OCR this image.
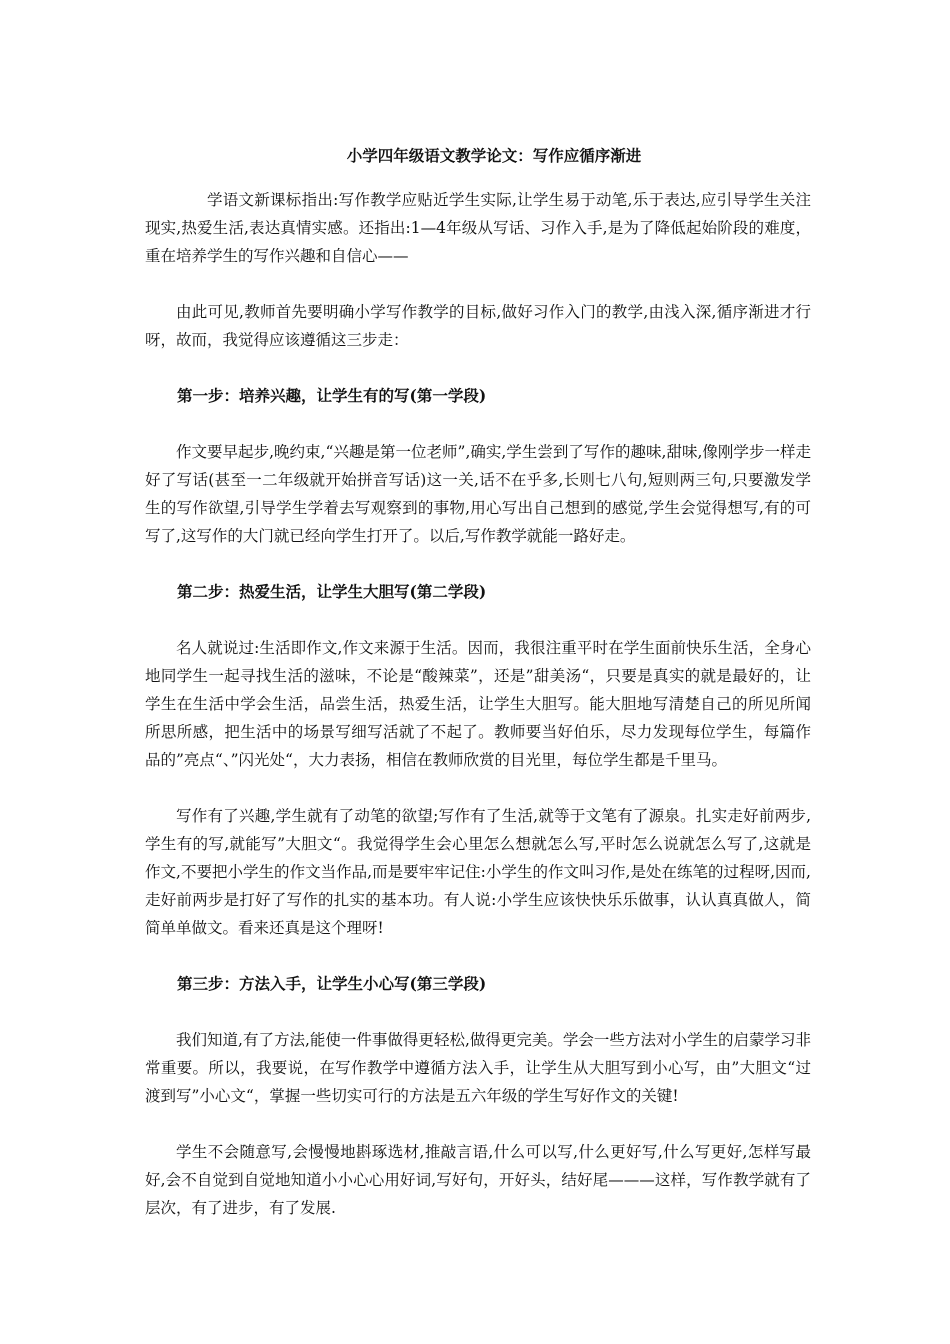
小学四年级语文教学论文：写作应循序渐进

学语文新课标指出:写作教学应贴近学生实际,让学生易于动笔,乐于表达,应引导学生关注现实,热爱生活,表达真情实感。还指出:1—4年级从写话、习作入手,是为了降低起始阶段的难度，重在培养学生的写作兴趣和自信心——

由此可见,教师首先要明确小学写作教学的目标,做好习作入门的教学,由浅入深,循序渐进才行呀，故而，我觉得应该遵循这三步走：

第一步：培养兴趣，让学生有的写(第一学段)

作文要早起步,晚约束,“兴趣是第一位老师”,确实,学生尝到了写作的趣味,甜味,像刚学步一样走好了写话(甚至一二年级就开始拼音写话)这一关,话不在乎多,长则七八句,短则两三句,只要激发学生的写作欲望,引导学生学着去写观察到的事物,用心写出自己想到的感觉,学生会觉得想写,有的可写了,这写作的大门就已经向学生打开了。以后,写作教学就能一路好走。

第二步：热爱生活，让学生大胆写(第二学段)

名人就说过:生活即作文,作文来源于生活。因而，我很注重平时在学生面前快乐生活，全身心地同学生一起寻找生活的滋味，不论是“酸辣菜”，还是”甜美汤“，只要是真实的就是最好的，让学生在生活中学会生活，品尝生活，热爱生活，让学生大胆写。能大胆地写清楚自己的所见所闻所思所感，把生活中的场景写细写活就了不起了。教师要当好伯乐，尽力发现每位学生，每篇作品的”亮点“、”闪光处“，大力表扬，相信在教师欣赏的目光里，每位学生都是千里马。

写作有了兴趣,学生就有了动笔的欲望;写作有了生活,就等于文笔有了源泉。扎实走好前两步,学生有的写,就能写”大胆文“。我觉得学生会心里怎么想就怎么写,平时怎么说就怎么写了,这就是作文,不要把小学生的作文当作品,而是要牢牢记住:小学生的作文叫习作,是处在练笔的过程呀,因而,走好前两步是打好了写作的扎实的基本功。有人说:小学生应该快快乐乐做事，认认真真做人，简简单单做文。看来还真是这个理呀!

第三步：方法入手，让学生小心写(第三学段)

我们知道,有了方法,能使一件事做得更轻松,做得更完美。学会一些方法对小学生的启蒙学习非常重要。所以，我要说，在写作教学中遵循方法入手，让学生从大胆写到小心写，由”大胆文“过渡到写”小心文“，掌握一些切实可行的方法是五六年级的学生写好作文的关键!

学生不会随意写,会慢慢地斟琢选材,推敲言语,什么可以写,什么更好写,什么写更好,怎样写最好,会不自觉到自觉地知道小小心心用好词,写好句，开好头，结好尾———这样，写作教学就有了层次，有了进步，有了发展.
